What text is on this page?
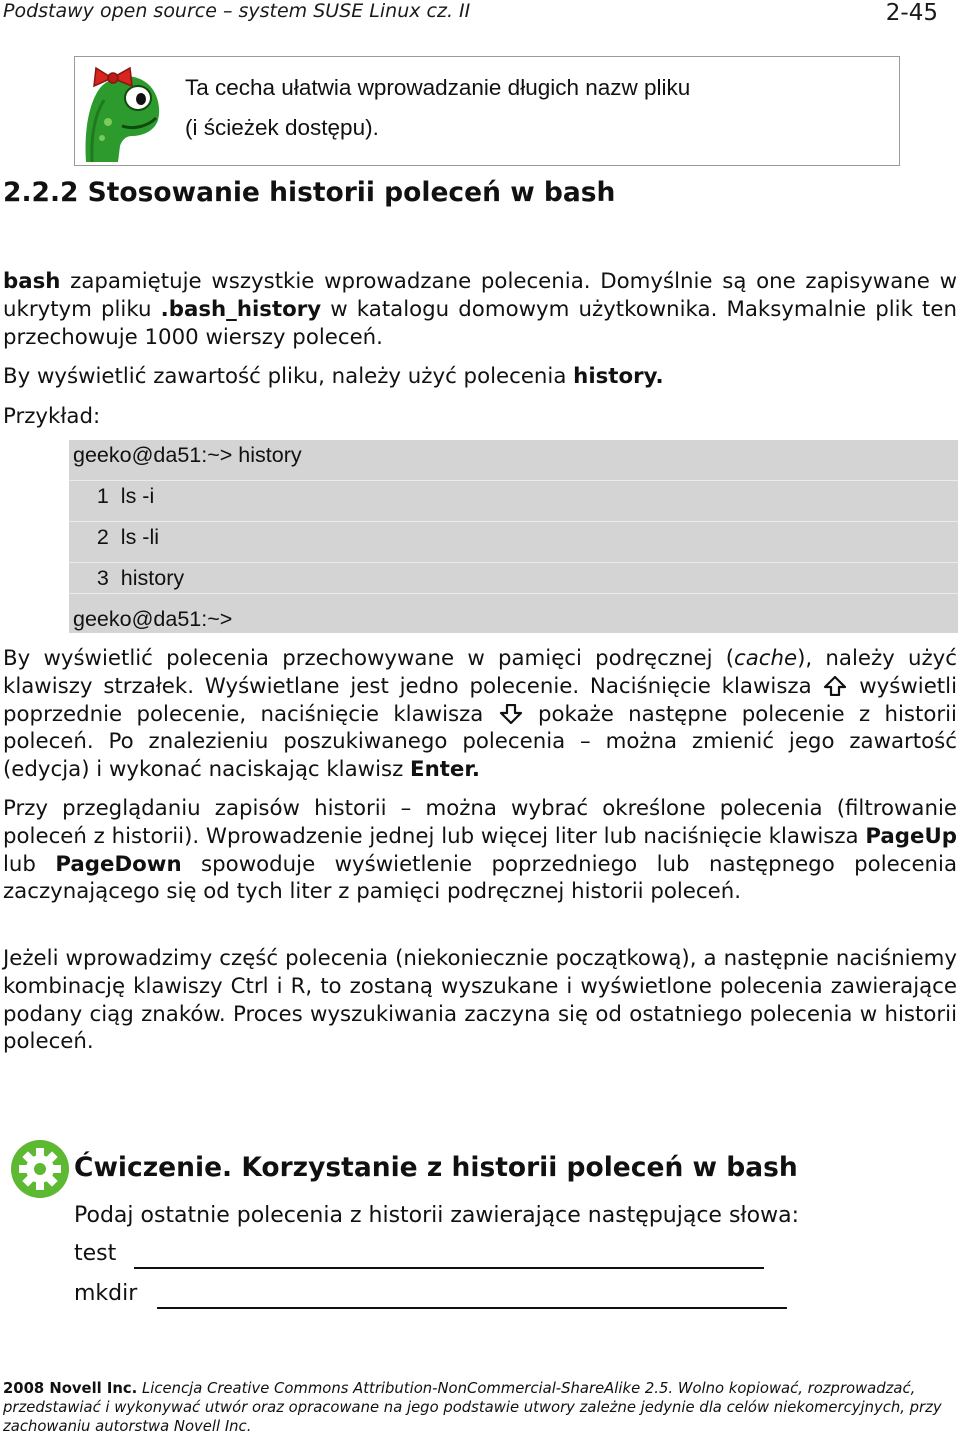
Podstawy open source – system SUSE Linux cz. II	2-45
Ta cecha ułatwia wprowadzanie długich nazw pliku
(i ścieżek dostępu).
2.2.2 Stosowanie historii poleceń w bash
bash zapamiętuje wszystkie wprowadzane polecenia. Domyślnie są one zapisywane w ukrytym pliku .bash_history w katalogu domowym użytkownika. Maksymalnie plik ten przechowuje 1000 wierszy poleceń.
By wyświetlić zawartość pliku, należy użyć polecenia history.
Przykład:
geeko@da51:~> history
1  ls -i
2  ls -li
3  history
geeko@da51:~>
By wyświetlić polecenia przechowywane w pamięci podręcznej (cache), należy użyć klawiszy strzałek. Wyświetlane jest jedno polecenie. Naciśnięcie klawisza  wyświetli poprzednie polecenie, naciśnięcie klawisza  pokaże następne polecenie z historii poleceń. Po znalezieniu poszukiwanego polecenia – można zmienić jego zawartość (edycja) i wykonać naciskając klawisz Enter.
Przy przeglądaniu zapisów historii – można wybrać określone polecenia (filtrowanie poleceń z historii). Wprowadzenie jednej lub więcej liter lub naciśnięcie klawisza PageUp lub PageDown spowoduje wyświetlenie poprzedniego lub następnego polecenia zaczynającego się od tych liter z pamięci podręcznej historii poleceń.
Jeżeli wprowadzimy część polecenia (niekoniecznie początkową), a następnie naciśniemy kombinację klawiszy Ctrl i R, to zostaną wyszukane i wyświetlone polecenia zawierające podany ciąg znaków. Proces wyszukiwania zaczyna się od ostatniego polecenia w historii poleceń.
Ćwiczenie. Korzystanie z historii poleceń w bash
Podaj ostatnie polecenia z historii zawierające następujące słowa:
test
mkdir
2008 Novell Inc. Licencja Creative Commons Attribution-NonCommercial-ShareAlike 2.5. Wolno kopiować, rozprowadzać, przedstawiać i wykonywać utwór oraz opracowane na jego podstawie utwory zależne jedynie dla celów niekomercyjnych, przy zachowaniu autorstwa Novell Inc.
